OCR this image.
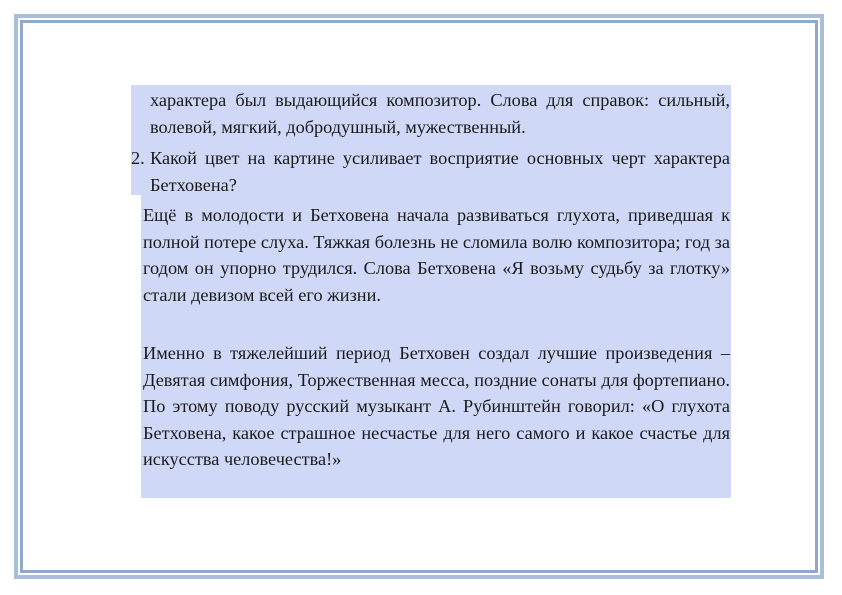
характера был выдающийся композитор. Слова для справок: сильный, волевой, мягкий, добродушный, мужественный.
2. Какой цвет на картине усиливает восприятие основных черт характера Бетховена?
Ещё в молодости и Бетховена начала развиваться глухота, приведшая к полной потере слуха. Тяжкая болезнь не сломила волю композитора; год за годом он упорно трудился. Слова Бетховена «Я возьму судьбу за глотку» стали девизом всей его жизни.
Именно в тяжелейший период Бетховен создал лучшие произведения – Девятая симфония, Торжественная месса, поздние сонаты для фортепиано. По этому поводу русский музыкант А. Рубинштейн говорил: «О глухота Бетховена, какое страшное несчастье для него самого и какое счастье для искусства человечества!»
